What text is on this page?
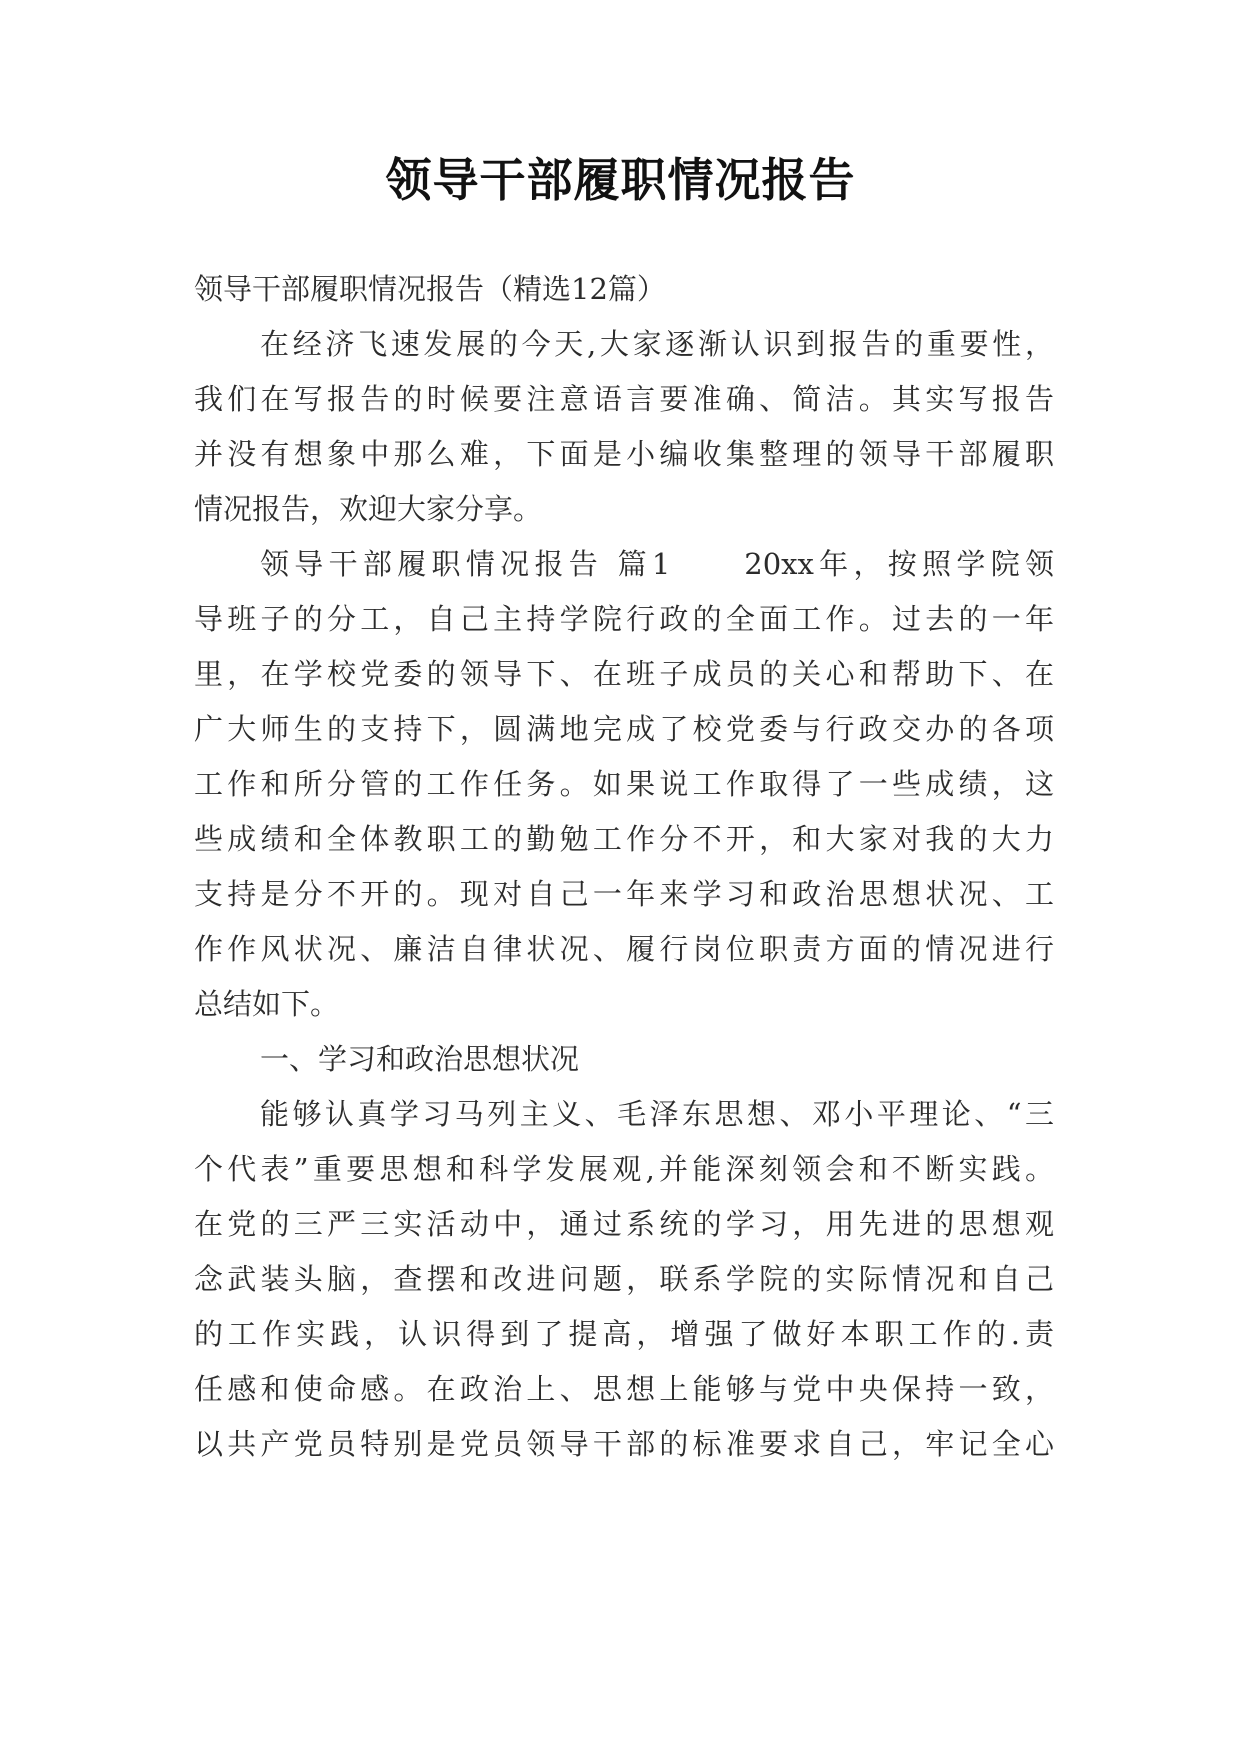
领导干部履职情况报告
领导干部履职情况报告（精选12篇）
在经济飞速发展的今天,大家逐渐认识到报告的重要性，
我们在写报告的时候要注意语言要准确、简洁。其实写报告
并没有想象中那么难，下面是小编收集整理的领导干部履职
情况报告，欢迎大家分享。
领导干部履职情况报告 篇1　　20xx年，按照学院领
导班子的分工，自己主持学院行政的全面工作。过去的一年
里，在学校党委的领导下、在班子成员的关心和帮助下、在
广大师生的支持下，圆满地完成了校党委与行政交办的各项
工作和所分管的工作任务。如果说工作取得了一些成绩，这
些成绩和全体教职工的勤勉工作分不开，和大家对我的大力
支持是分不开的。现对自己一年来学习和政治思想状况、工
作作风状况、廉洁自律状况、履行岗位职责方面的情况进行
总结如下。
一、学习和政治思想状况
能够认真学习马列主义、毛泽东思想、邓小平理论、“三
个代表”重要思想和科学发展观,并能深刻领会和不断实践。
在党的三严三实活动中，通过系统的学习，用先进的思想观
念武装头脑，查摆和改进问题，联系学院的实际情况和自己
的工作实践，认识得到了提高，增强了做好本职工作的.责
任感和使命感。在政治上、思想上能够与党中央保持一致，
以共产党员特别是党员领导干部的标准要求自己，牢记全心
